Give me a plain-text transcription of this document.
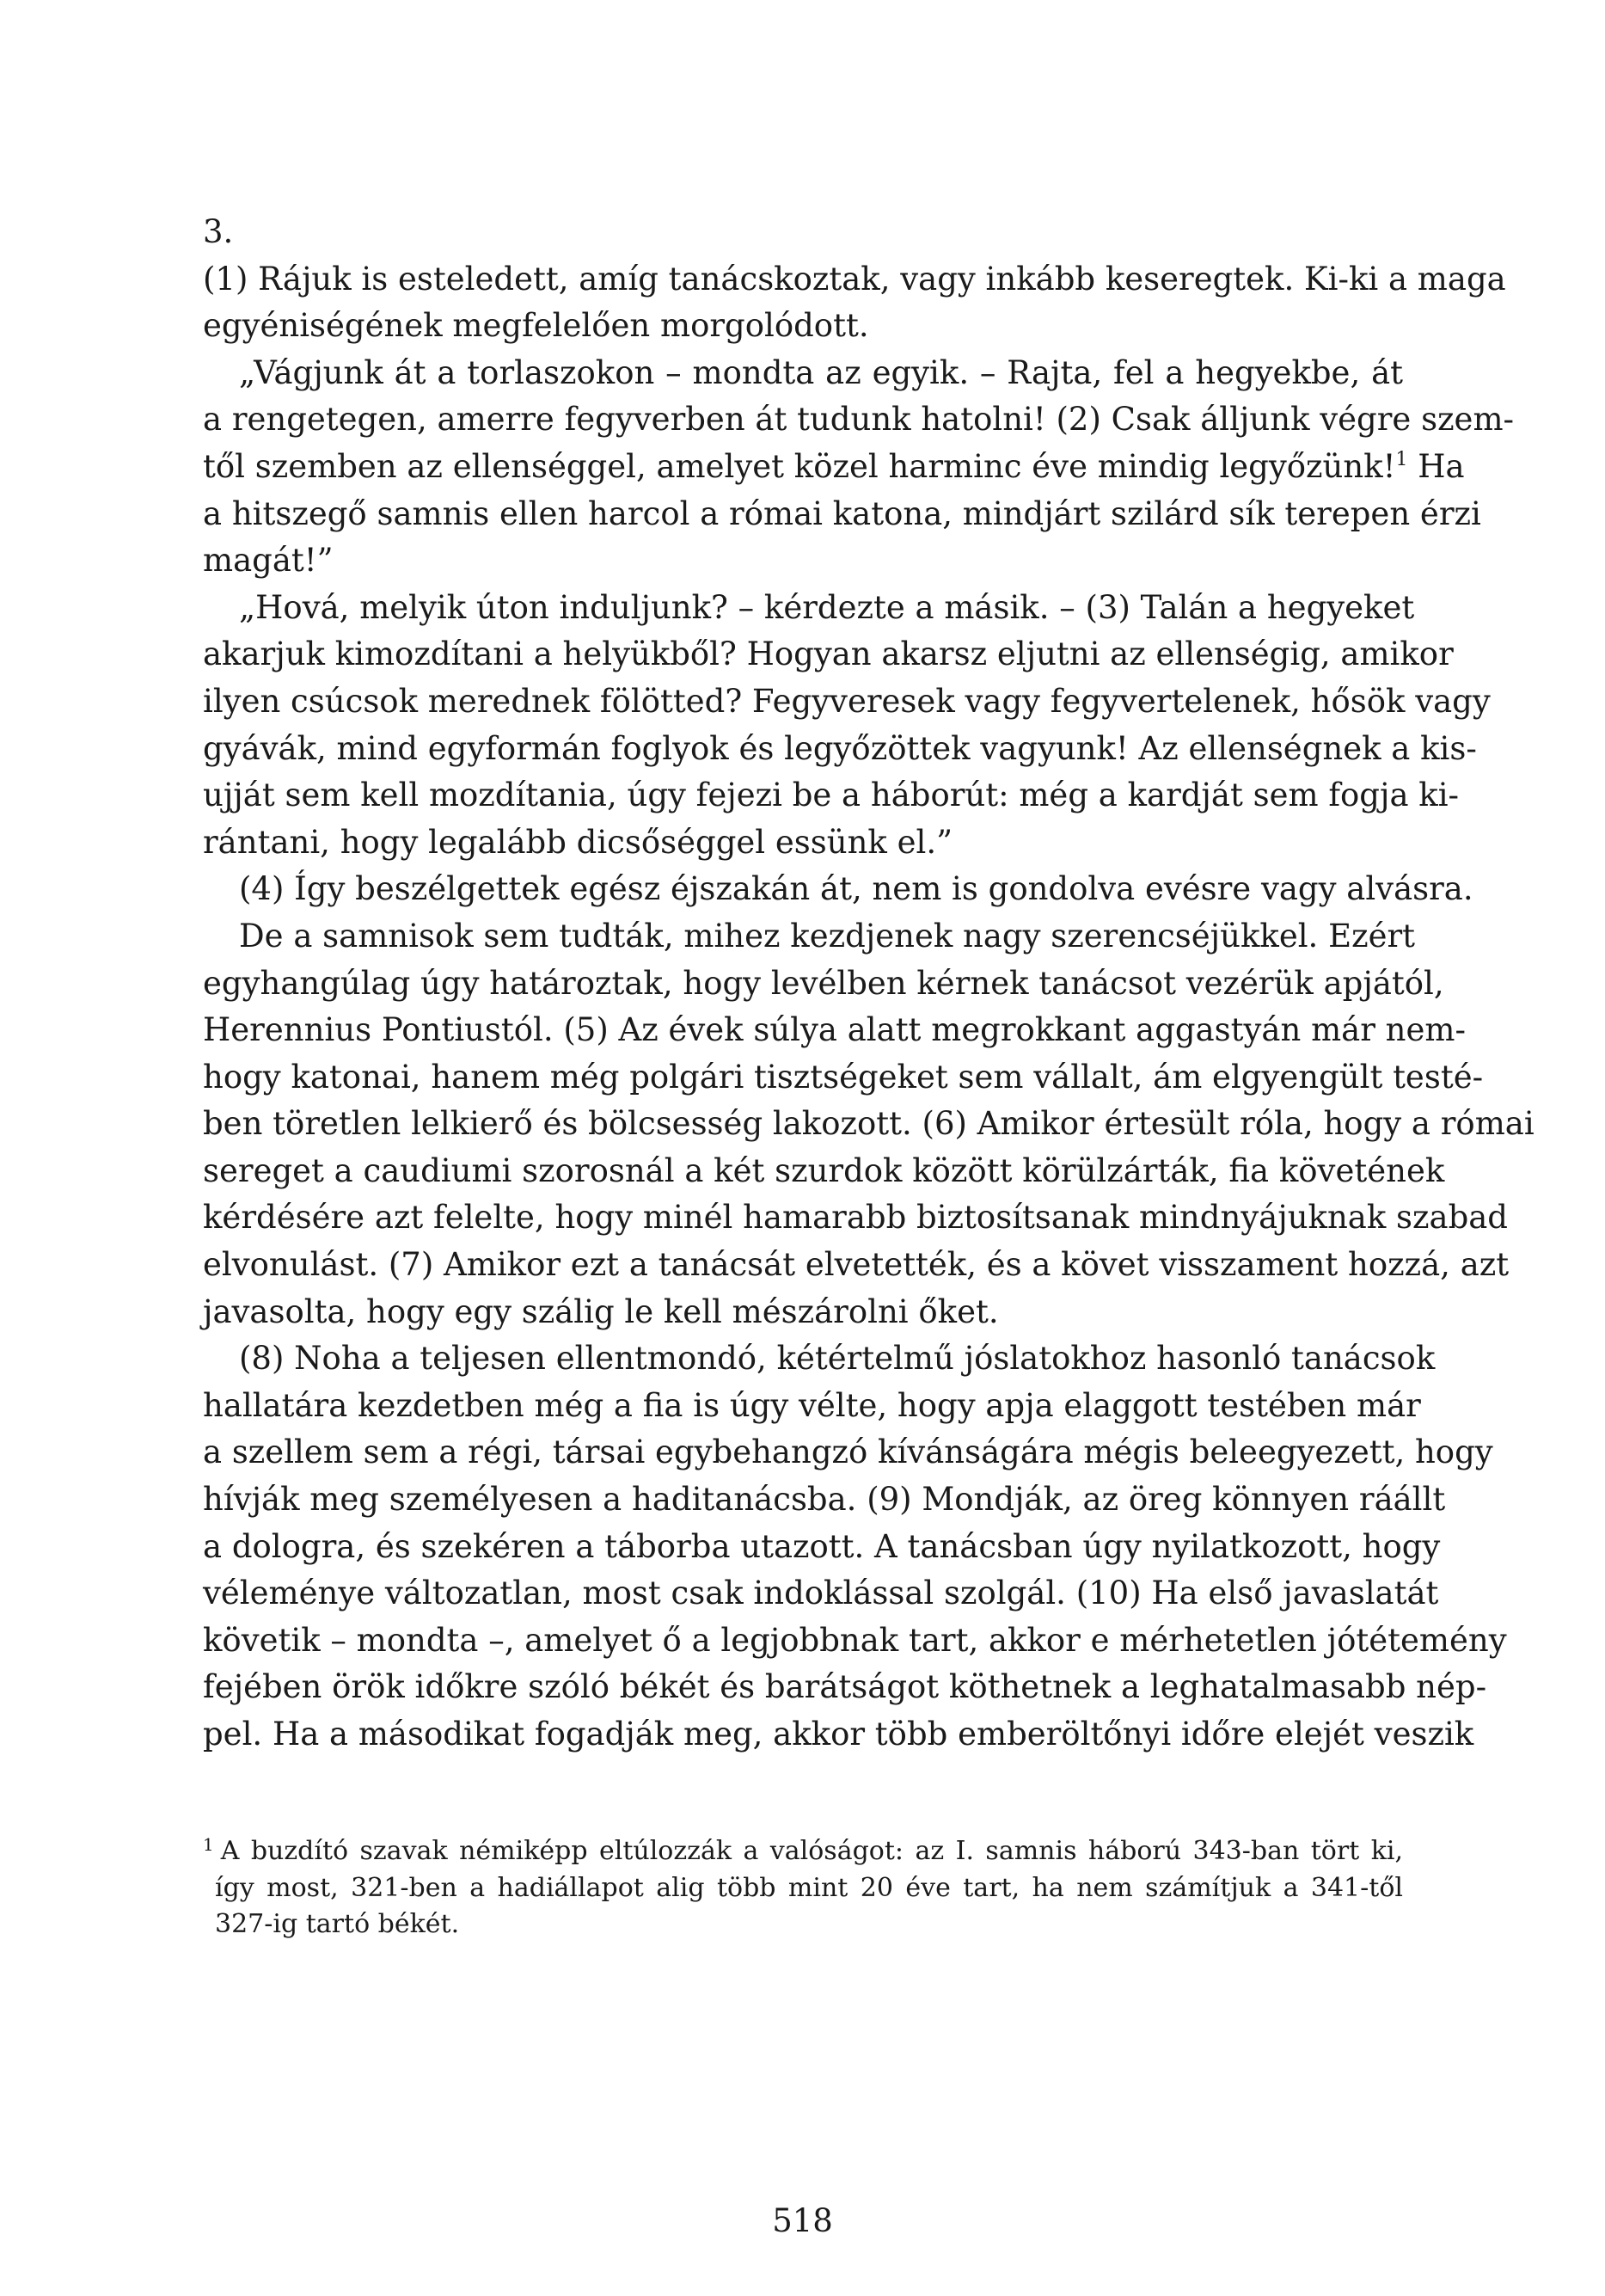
3.
(1) Rájuk is esteledett, amíg tanácskoztak, vagy inkább keseregtek. Ki-ki a maga
egyéniségének megfelelően morgolódott.
„Vágjunk át a torlaszokon – mondta az egyik. – Rajta, fel a hegyekbe, át
a rengetegen, amerre fegyverben át tudunk hatolni! (2) Csak álljunk végre szem-
től szemben az ellenséggel, amelyet közel harminc éve mindig legyőzünk!$^1$ Ha
a hitszegő samnis ellen harcol a római katona, mindjárt szilárd sík terepen érzi
magát!”
„Hová, melyik úton induljunk? – kérdezte a másik. – (3) Talán a hegyeket
akarjuk kimozdítani a helyükből? Hogyan akarsz eljutni az ellenségig, amikor
ilyen csúcsok merednek fölötted? Fegyveresek vagy fegyvertelenek, hősök vagy
gyávák, mind egyformán foglyok és legyőzöttek vagyunk! Az ellenségnek a kis-
ujját sem kell mozdítania, úgy fejezi be a háborút: még a kardját sem fogja ki-
rántani, hogy legalább dicsőséggel essünk el.”
(4) Így beszélgettek egész éjszakán át, nem is gondolva evésre vagy alvásra.
De a samnisok sem tudták, mihez kezdjenek nagy szerencséjükkel. Ezért
egyhangúlag úgy határoztak, hogy levélben kérnek tanácsot vezérük apjától,
Herennius Pontiustól. (5) Az évek súlya alatt megrokkant aggastyán már nem-
hogy katonai, hanem még polgári tisztségeket sem vállalt, ám elgyengült testé-
ben töretlen lelkierő és bölcsesség lakozott. (6) Amikor értesült róla, hogy a római
sereget a caudiumi szorosnál a két szurdok között körülzárták, fia követének
kérdésére azt felelte, hogy minél hamarabb biztosítsanak mindnyájuknak szabad
elvonulást. (7) Amikor ezt a tanácsát elvetették, és a követ visszament hozzá, azt
javasolta, hogy egy szálig le kell mészárolni őket.
(8) Noha a teljesen ellentmondó, kétértelmű jóslatokhoz hasonló tanácsok
hallatára kezdetben még a fia is úgy vélte, hogy apja elaggott testében már
a szellem sem a régi, társai egybehangzó kívánságára mégis beleegyezett, hogy
hívják meg személyesen a haditanácsba. (9) Mondják, az öreg könnyen ráállt
a dologra, és szekéren a táborba utazott. A tanácsban úgy nyilatkozott, hogy
véleménye változatlan, most csak indoklással szolgál. (10) Ha első javaslatát
követik – mondta –, amelyet ő a legjobbnak tart, akkor e mérhetetlen jótétemény
fejében örök időkre szóló békét és barátságot köthetnek a leghatalmasabb nép-
pel. Ha a másodikat fogadják meg, akkor több emberöltőnyi időre elejét veszik
$^1$ A buzdító szavak némiképp eltúlozzák a valóságot: az I. samnis háború 343-ban tört ki,
így most, 321-ben a hadiállapot alig több mint 20 éve tart, ha nem számítjuk a 341-től
327-ig tartó békét.
518
